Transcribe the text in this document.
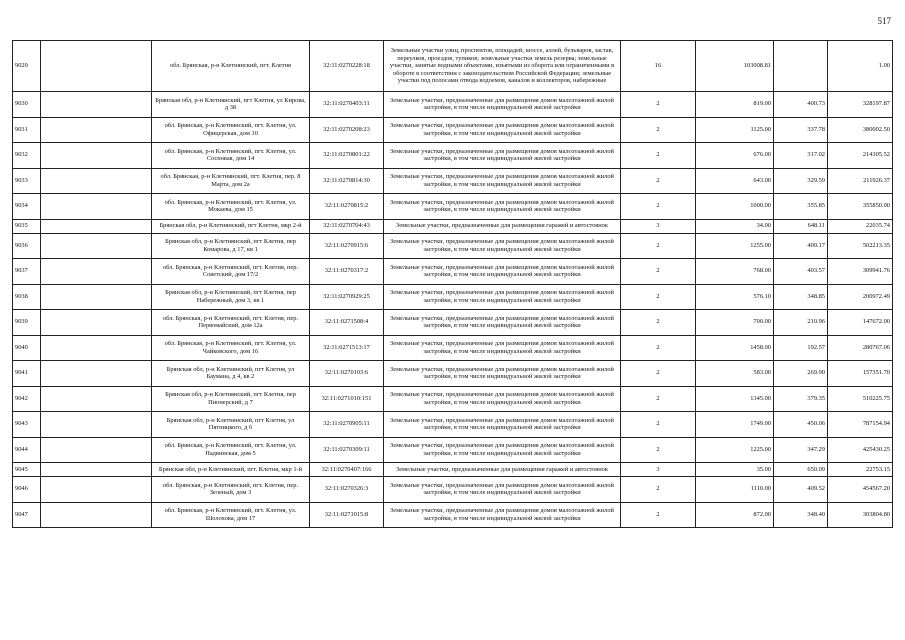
517
9029		обл. Брянская, р-н Клетнянский, пгт. Клетня	32:11:0270228:18	Земельные участки улиц, проспектов, площадей, шоссе, аллей, бульваров, застав, переулков, проездов, тупиков; земельные участки земель резерва; земельные участки, занятые водными объектами, изъятыми из оборота или ограниченными в обороте в соответствии с законодательством Российской Федерации; земельные участки под полосами отвода водоемов, каналов и коллекторов, набережные	16	103008.81		1.00

9030		Брянская обл, р-н Клетнянский, пгт Клетня, ул Кирова, д 38	32:11:0270403:11	Земельные участки, предназначенные для размещения домов малоэтажной жилой застройки, в том числе индивидуальной жилой застройки	2	819.00	400.73	328197.87

9031		обл. Брянская, р-н Клетнянский, пгт. Клетня, ул. Офицерская, дом 10	32:11:0270208:23	Земельные участки, предназначенные для размещения домов малоэтажной жилой застройки, в том числе индивидуальной жилой застройки	2	1125.00	337.78	380002.50

9032		обл. Брянская, р-н Клетнянский, пгт. Клетня, ул. Сосновая, дом 14	32:11:0270801:22	Земельные участки, предназначенные для размещения домов малоэтажной жилой застройки, в том числе индивидуальной жилой застройки	2	676.00	317.02	214305.52

9033		обл. Брянская, р-н Клетнянский, пгт. Клетня, пер. 8 Марта, дом 2а	32:11:0270814:30	Земельные участки, предназначенные для размещения домов малоэтажной жилой застройки, в том числе индивидуальной жилой застройки	2	643.00	329.59	211926.37

9034		обл. Брянская, р-н Клетнянский, пгт. Клетня, ул. Мокаева, дом 15	32:11:0270815:2	Земельные участки, предназначенные для размещения домов малоэтажной жилой застройки, в том числе индивидуальной жилой застройки	2	1000.00	355.85	355850.00

9035		Брянская обл, р-н Клетнянский, пгт Клетня, мкр 2-й	32:11:0270704:43	Земельные участки, предназначенные для размещения гаражей и автостоянок	3	34.00	648.11	22035.74

9036		Брянская обл, р-н Клетнянский, пгт Клетня, пер Комарова, д 17, кв 1	32:11:0270915:6	Земельные участки, предназначенные для размещения домов малоэтажной жилой застройки, в том числе индивидуальной жилой застройки	2	1255.00	400.17	502213.35

9037		обл. Брянская, р-н Клетнянский, пгт. Клетня, пер. Советский, дом 17/2	32:11:0270317:2	Земельные участки, предназначенные для размещения домов малоэтажной жилой застройки, в том числе индивидуальной жилой застройки	2	768.00	403.57	309941.76

9038		Брянская обл, р-н Клетнянский, пгт Клетня, пер Набережный, дом 3, кв 1	32:11:0270929:25	Земельные участки, предназначенные для размещения домов малоэтажной жилой застройки, в том числе индивидуальной жилой застройки	2	576.10	348.85	200972.49

9039		обл. Брянская, р-н Клетнянский, пгт. Клетня, пер. Первомайский, дом 12а	32:11:0271508:4	Земельные участки, предназначенные для размещения домов малоэтажной жилой застройки, в том числе индивидуальной жилой застройки	2	700.00	210.96	147672.00

9040		обл. Брянская, р-н Клетнянский, пгт. Клетня, ул. Чайковского, дом 16	32:11:0271513:17	Земельные участки, предназначенные для размещения домов малоэтажной жилой застройки, в том числе индивидуальной жилой застройки	2	1458.00	192.57	280767.06

9041		Брянская обл, р-н Клетнянский, пгт Клетня, ул Баумана, д 4, кв 2	32:11:0270103:6	Земельные участки, предназначенные для размещения домов малоэтажной жилой застройки, в том числе индивидуальной жилой застройки	2	583.00	269.90	157351.70

9042		Брянская обл, р-н Клетнянский, пгт Клетня, пер Пионерский, д 7	32:11:0271010:151	Земельные участки, предназначенные для размещения домов малоэтажной жилой застройки, в том числе индивидуальной жилой застройки	2	1345.00	379.35	510225.75

9043		Брянская обл, р-н Клетнянский, пгт Клетня, ул Пятницкого, д 6	32:11:0270905:11	Земельные участки, предназначенные для размещения домов малоэтажной жилой застройки, в том числе индивидуальной жилой застройки	2	1749.00	450.06	787154.94

9044		обл. Брянская, р-н Клетнянский, пгт. Клетня, ул. Надвинская, дом 5	32:11:0270309:11	Земельные участки, предназначенные для размещения домов малоэтажной жилой застройки, в том числе индивидуальной жилой застройки	2	1225.00	347.29	425430.25

9045		Брянская обл, р-н Клетнянский, пгт. Клетня, мкр 1-й	32:11:0270407:166	Земельные участки, предназначенные для размещения гаражей и автостоянок	3	35.00	650.09	22753.15

9046		обл. Брянская, р-н Клетнянский, пгт. Клетня, пер. Зеленый, дом 3	32:11:0270326:3	Земельные участки, предназначенные для размещения домов малоэтажной жилой застройки, в том числе индивидуальной жилой застройки	2	1110.00	409.52	454567.20

9047		обл. Брянская, р-н Клетнянский, пгт. Клетня, ул. Шолохова, дом 17	32:11:0271015:8	Земельные участки, предназначенные для размещения домов малоэтажной жилой застройки, в том числе индивидуальной жилой застройки	2	872.00	348.40	303804.80
